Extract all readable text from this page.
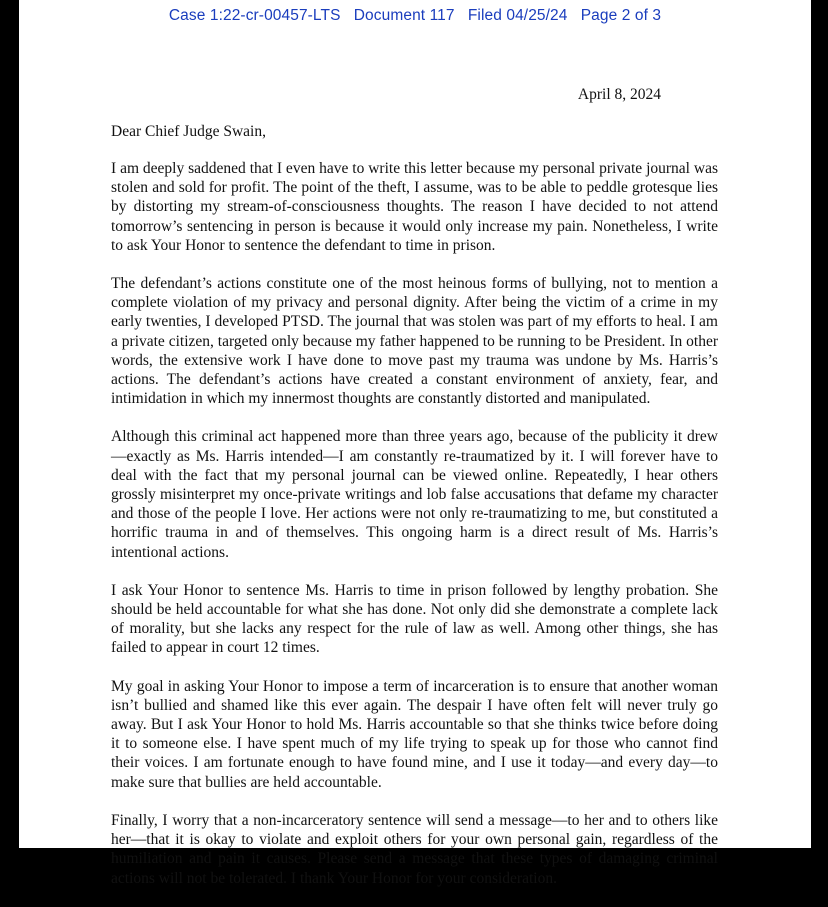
Case 1:22-cr-00457-LTS Document 117 Filed 04/25/24 Page 2 of 3
April 8, 2024
Dear Chief Judge Swain,

I am deeply saddened that I even have to write this letter because my personal private journal was stolen and sold for profit. The point of the theft, I assume, was to be able to peddle grotesque lies by distorting my stream-of-consciousness thoughts. The reason I have decided to not attend tomorrow’s sentencing in person is because it would only increase my pain. Nonetheless, I write to ask Your Honor to sentence the defendant to time in prison.

The defendant’s actions constitute one of the most heinous forms of bullying, not to mention a complete violation of my privacy and personal dignity. After being the victim of a crime in my early twenties, I developed PTSD. The journal that was stolen was part of my efforts to heal. I am a private citizen, targeted only because my father happened to be running to be President. In other words, the extensive work I have done to move past my trauma was undone by Ms. Harris’s actions. The defendant’s actions have created a constant environment of anxiety, fear, and intimidation in which my innermost thoughts are constantly distorted and manipulated.

Although this criminal act happened more than three years ago, because of the publicity it drew—exactly as Ms. Harris intended—I am constantly re-traumatized by it. I will forever have to deal with the fact that my personal journal can be viewed online. Repeatedly, I hear others grossly misinterpret my once-private writings and lob false accusations that defame my character and those of the people I love. Her actions were not only re-traumatizing to me, but constituted a horrific trauma in and of themselves. This ongoing harm is a direct result of Ms. Harris’s intentional actions.

I ask Your Honor to sentence Ms. Harris to time in prison followed by lengthy probation. She should be held accountable for what she has done. Not only did she demonstrate a complete lack of morality, but she lacks any respect for the rule of law as well. Among other things, she has failed to appear in court 12 times.

My goal in asking Your Honor to impose a term of incarceration is to ensure that another woman isn’t bullied and shamed like this ever again. The despair I have often felt will never truly go away. But I ask Your Honor to hold Ms. Harris accountable so that she thinks twice before doing it to someone else. I have spent much of my life trying to speak up for those who cannot find their voices. I am fortunate enough to have found mine, and I use it today—and every day—to make sure that bullies are held accountable.

Finally, I worry that a non-incarceratory sentence will send a message—to her and to others like her—that it is okay to violate and exploit others for your own personal gain, regardless of the humiliation and pain it causes. Please send a message that these types of damaging criminal actions will not be tolerated. I thank Your Honor for your consideration.
